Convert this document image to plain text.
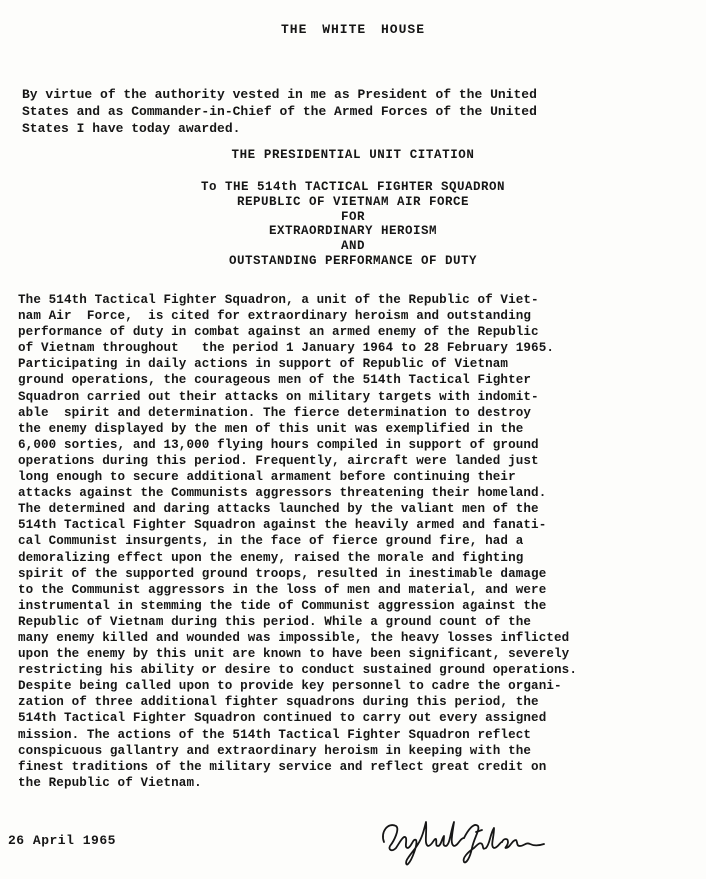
THE WHITE HOUSE
By virtue of the authority vested in me as President of the United
States and as Commander-in-Chief of the Armed Forces of the United
States I have today awarded.
THE PRESIDENTIAL UNIT CITATION
To THE 514th TACTICAL FIGHTER SQUADRON
REPUBLIC OF VIETNAM AIR FORCE
FOR
EXTRAORDINARY HEROISM
AND
OUTSTANDING PERFORMANCE OF DUTY
The 514th Tactical Fighter Squadron, a unit of the Republic of Viet-
nam Air  Force,  is cited for extraordinary heroism and outstanding
performance of duty in combat against an armed enemy of the Republic
of Vietnam throughout   the period 1 January 1964 to 28 February 1965.
Participating in daily actions in support of Republic of Vietnam
ground operations, the courageous men of the 514th Tactical Fighter
Squadron carried out their attacks on military targets with indomit-
able  spirit and determination. The fierce determination to destroy
the enemy displayed by the men of this unit was exemplified in the
6,000 sorties, and 13,000 flying hours compiled in support of ground
operations during this period. Frequently, aircraft were landed just
long enough to secure additional armament before continuing their
attacks against the Communists aggressors threatening their homeland.
The determined and daring attacks launched by the valiant men of the
514th Tactical Fighter Squadron against the heavily armed and fanati-
cal Communist insurgents, in the face of fierce ground fire, had a
demoralizing effect upon the enemy, raised the morale and fighting
spirit of the supported ground troops, resulted in inestimable damage
to the Communist aggressors in the loss of men and material, and were
instrumental in stemming the tide of Communist aggression against the
Republic of Vietnam during this period. While a ground count of the
many enemy killed and wounded was impossible, the heavy losses inflicted
upon the enemy by this unit are known to have been significant, severely
restricting his ability or desire to conduct sustained ground operations.
Despite being called upon to provide key personnel to cadre the organi-
zation of three additional fighter squadrons during this period, the
514th Tactical Fighter Squadron continued to carry out every assigned
mission. The actions of the 514th Tactical Fighter Squadron reflect
conspicuous gallantry and extraordinary heroism in keeping with the
finest traditions of the military service and reflect great credit on
the Republic of Vietnam.
26 April 1965
